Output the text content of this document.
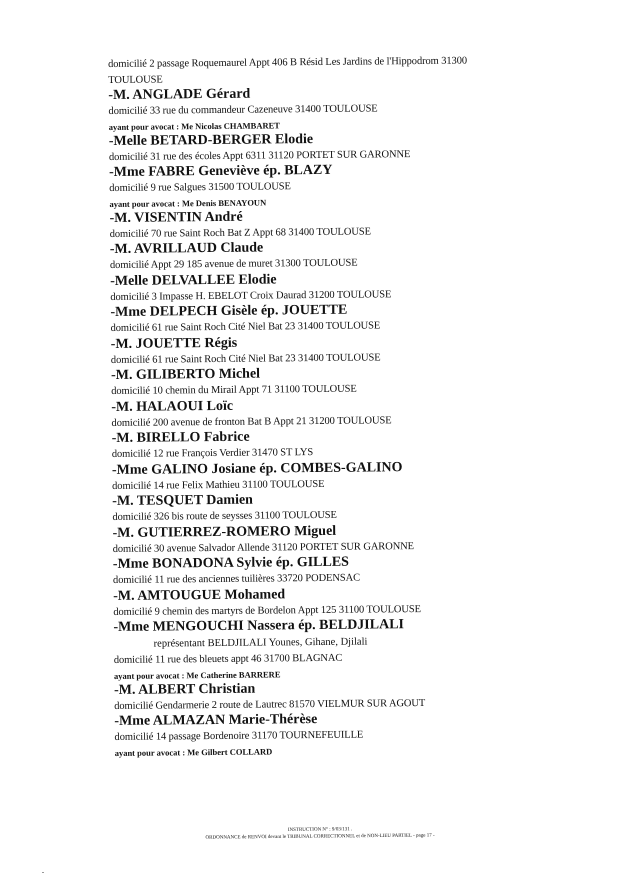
domicilié 2 passage Roquemaurel Appt 406 B Résid Les Jardins de l'Hippodrom 31300 TOULOUSE
-M. ANGLADE Gérard
domicilié 33 rue du commandeur Cazeneuve 31400 TOULOUSE
ayant pour avocat : Me Nicolas CHAMBARET
-Melle BETARD-BERGER Elodie
domicilié 31 rue des écoles Appt 6311 31120 PORTET SUR GARONNE
-Mme FABRE Geneviève ép. BLAZY
domicilié 9 rue Salgues 31500 TOULOUSE
ayant pour avocat : Me Denis BENAYOUN
-M. VISENTIN André
domicilié 70 rue Saint Roch Bat Z Appt 68 31400 TOULOUSE
-M. AVRILLAUD Claude
domicilié Appt 29 185 avenue de muret 31300 TOULOUSE
-Melle DELVALLEE Elodie
domicilié 3 Impasse H. EBELOT Croix Daurad 31200 TOULOUSE
-Mme DELPECH Gisèle ép. JOUETTE
domicilié 61 rue Saint Roch Cité Niel Bat 23 31400 TOULOUSE
-M. JOUETTE Régis
domicilié 61 rue Saint Roch Cité Niel Bat 23 31400 TOULOUSE
-M. GILIBERTO Michel
domicilié 10 chemin du Mirail Appt 71 31100 TOULOUSE
-M. HALAOUI Loïc
domicilié 200 avenue de fronton Bat B Appt 21 31200 TOULOUSE
-M. BIRELLO Fabrice
domicilié 12 rue François Verdier 31470 ST LYS
-Mme GALINO Josiane ép. COMBES-GALINO
domicilié 14 rue Felix Mathieu 31100 TOULOUSE
-M. TESQUET Damien
domicilié 326 bis route de seysses 31100 TOULOUSE
-M. GUTIERREZ-ROMERO Miguel
domicilié 30 avenue Salvador Allende 31120 PORTET SUR GARONNE
-Mme BONADONA Sylvie ép. GILLES
domicilié 11 rue des anciennes tuilières 33720 PODENSAC
-M. AMTOUGUE Mohamed
domicilié 9 chemin des martyrs de Bordelon Appt 125 31100 TOULOUSE
-Mme MENGOUCHI Nassera ép. BELDJILALI
représentant BELDJILALI Younes, Gihane, Djilali
domicilié 11 rue des bleuets appt 46 31700 BLAGNAC
ayant pour avocat : Me Catherine BARRERE
-M. ALBERT Christian
domicilié Gendarmerie 2 route de Lautrec 81570 VIELMUR SUR AGOUT
-Mme ALMAZAN Marie-Thérèse
domicilié 14 passage Bordenoire 31170 TOURNEFEUILLE
ayant pour avocat : Me Gilbert COLLARD
INSTRUCTION N° : 9/03/131 .
ORDONNANCE de RENVOI devant le TRIBUNAL CORRECTIONNEL et de NON-LIEU PARTIEL - page 17 -
